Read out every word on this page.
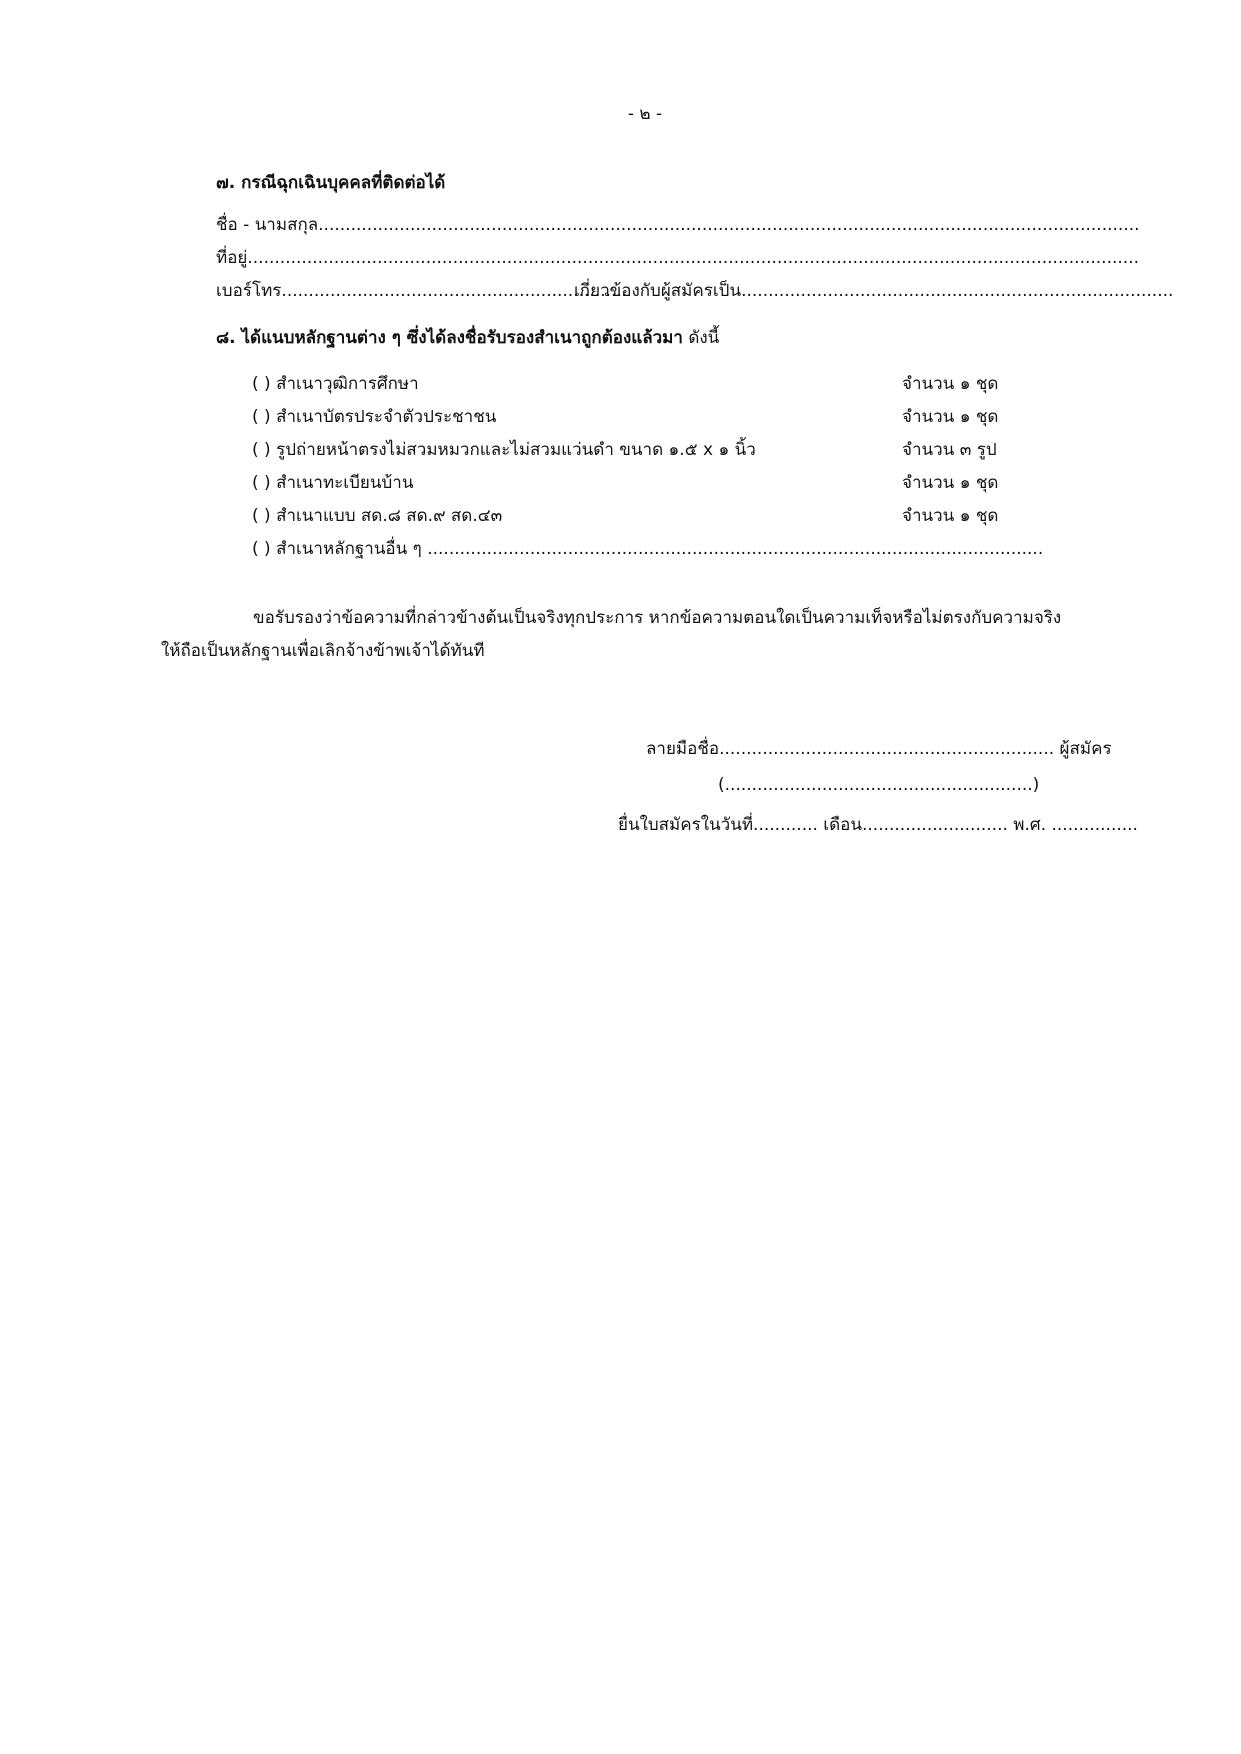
- ๒ -
๗. กรณีฉุกเฉินบุคคลที่ติดต่อได้
ชื่อ - นามสกุล........................................................................................................................................................
ที่อยู่.....................................................................................................................................................................
เบอร์โทร................................................................
เกี่ยวข้องกับผู้สมัครเป็น................................................................................
๘. ได้แนบหลักฐานต่าง ๆ ซึ่งได้ลงชื่อรับรองสำเนาถูกต้องแล้วมา ดังนี้
( ) สำเนาวุฒิการศึกษา	จำนวน ๑ ชุด
( ) สำเนาบัตรประจำตัวประชาชน	จำนวน ๑ ชุด
( ) รูปถ่ายหน้าตรงไม่สวมหมวกและไม่สวมแว่นดำ ขนาด ๑.๕ x ๑ นิ้ว	จำนวน ๓ รูป
( ) สำเนาทะเบียนบ้าน	จำนวน ๑ ชุด
( ) สำเนาแบบ สด.๘ สด.๙ สด.๔๓	จำนวน ๑ ชุด
( ) สำเนาหลักฐานอื่น ๆ ..................................................................................................................
ขอรับรองว่าข้อความที่กล่าวข้างต้นเป็นจริงทุกประการ หากข้อความตอนใดเป็นความเท็จหรือไม่ตรงกับความจริง
ให้ถือเป็นหลักฐานเพื่อเลิกจ้างข้าพเจ้าได้ทันที
ลายมือชื่อ.............................................................. ผู้สมัคร
(.........................................................)
ยื่นใบสมัครในวันที่............ เดือน........................... พ.ศ. ................
